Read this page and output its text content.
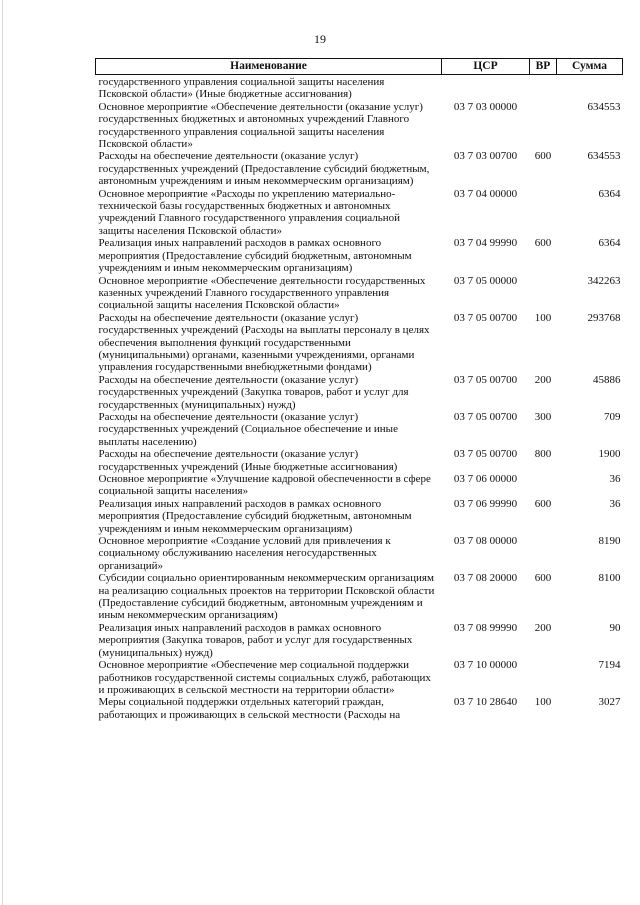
19
Наименование	ЦСР	ВР	Сумма
государственного управления социальной защиты населения Псковской области» (Иные бюджетные ассигнования)			
Основное мероприятие «Обеспечение деятельности (оказание услуг) государственных бюджетных и автономных учреждений Главного государственного управления социальной защиты населения Псковской области»	03 7 03 00000		634553
Расходы на обеспечение деятельности (оказание услуг) государственных учреждений (Предоставление субсидий бюджетным, автономным учреждениям и иным некоммерческим организациям)	03 7 03 00700	600	634553
Основное мероприятие «Расходы по укреплению материально-технической базы государственных бюджетных и автономных учреждений Главного государственного управления социальной защиты населения Псковской области»	03 7 04 00000		6364
Реализация иных направлений расходов в рамках основного мероприятия (Предоставление субсидий бюджетным, автономным учреждениям и иным некоммерческим организациям)	03 7 04 99990	600	6364
Основное мероприятие «Обеспечение деятельности государственных казенных учреждений Главного государственного управления социальной защиты населения Псковской области»	03 7 05 00000		342263
Расходы на обеспечение деятельности (оказание услуг) государственных учреждений (Расходы на выплаты персоналу в целях обеспечения выполнения функций государственными (муниципальными) органами, казенными учреждениями, органами управления государственными внебюджетными фондами)	03 7 05 00700	100	293768
Расходы на обеспечение деятельности (оказание услуг) государственных учреждений (Закупка товаров, работ и услуг для государственных (муниципальных) нужд)	03 7 05 00700	200	45886
Расходы на обеспечение деятельности (оказание услуг) государственных учреждений (Социальное обеспечение и иные выплаты населению)	03 7 05 00700	300	709
Расходы на обеспечение деятельности (оказание услуг) государственных учреждений (Иные бюджетные ассигнования)	03 7 05 00700	800	1900
Основное мероприятие «Улучшение кадровой обеспеченности в сфере социальной защиты населения»	03 7 06 00000		36
Реализация иных направлений расходов в рамках основного мероприятия (Предоставление субсидий бюджетным, автономным учреждениям и иным некоммерческим организациям)	03 7 06 99990	600	36
Основное мероприятие «Создание условий для привлечения к социальному обслуживанию населения негосударственных организаций»	03 7 08 00000		8190
Субсидии социально ориентированным некоммерческим организациям на реализацию социальных проектов на территории Псковской области (Предоставление субсидий бюджетным, автономным учреждениям и иным некоммерческим организациям)	03 7 08 20000	600	8100
Реализация иных направлений расходов в рамках основного мероприятия (Закупка товаров, работ и услуг для государственных (муниципальных) нужд)	03 7 08 99990	200	90
Основное мероприятие «Обеспечение мер социальной поддержки работников государственной системы социальных служб, работающих и проживающих в сельской местности на территории области»	03 7 10 00000		7194
Меры социальной поддержки отдельных категорий граждан, работающих и проживающих в сельской местности (Расходы на	03 7 10 28640	100	3027
